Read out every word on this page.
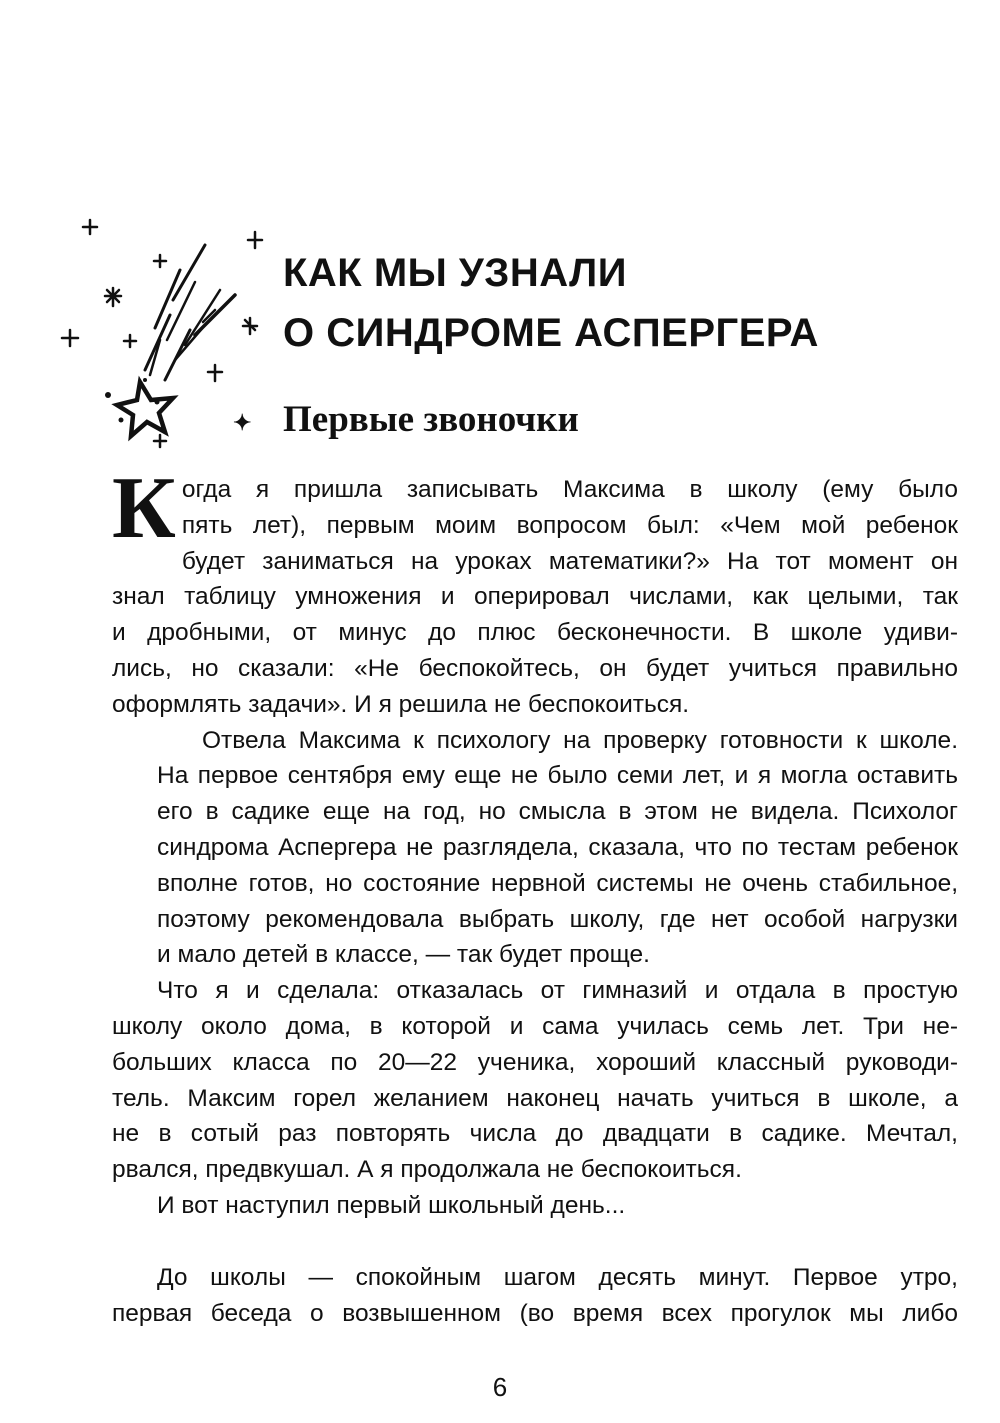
КАК МЫ УЗНАЛИ
О СИНДРОМЕ АСПЕРГЕРА
✦ Первые звоночки

К огда я пришла записывать Максима в школу (ему было
пять лет), первым моим вопросом был: «Чем мой ребенок
будет заниматься на уроках математики?» На тот момент он
знал таблицу умножения и оперировал числами, как целыми, так
и дробными, от минус до плюс бесконечности. В школе удиви-
лись, но сказали: «Не беспокойтесь, он будет учиться правильно
оформлять задачи». И я решила не беспокоиться.

Отвела Максима к психологу на проверку готовности к школе.
На первое сентября ему еще не было семи лет, и я могла оставить
его в садике еще на год, но смысла в этом не видела. Психолог
синдрома Аспергера не разглядела, сказала, что по тестам ребенок
вполне готов, но состояние нервной системы не очень стабильное,
поэтому рекомендовала выбрать школу, где нет особой нагрузки
и мало детей в классе, — так будет проще.

Что я и сделала: отказалась от гимназий и отдала в простую
школу около дома, в которой и сама училась семь лет. Три не-
больших класса по 20—22 ученика, хороший классный руководи-
тель. Максим горел желанием наконец начать учиться в школе, а
не в сотый раз повторять числа до двадцати в садике. Мечтал,
рвался, предвкушал. А я продолжала не беспокоиться.

И вот наступил первый школьный день...

До школы — спокойным шагом десять минут. Первое утро,
первая беседа о возвышенном (во время всех прогулок мы либо

6
